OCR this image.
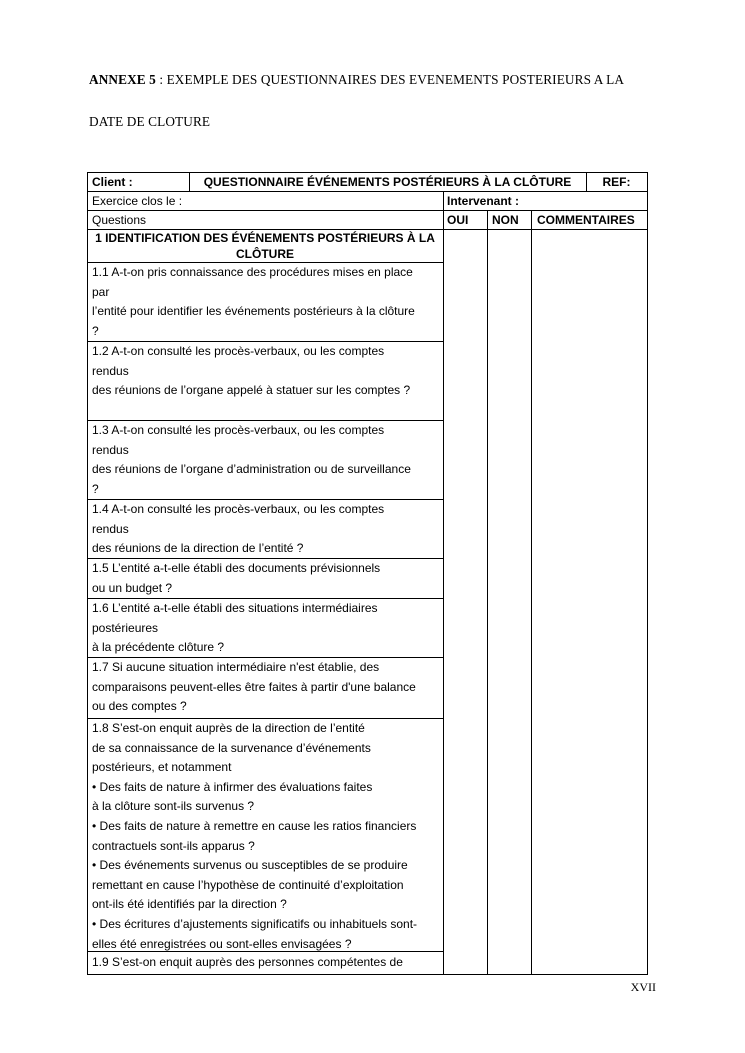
ANNEXE 5 : EXEMPLE DES QUESTIONNAIRES DES EVENEMENTS POSTERIEURS A LA
DATE DE CLOTURE
Client :	QUESTIONNAIRE ÉVÉNEMENTS POSTÉRIEURS À LA CLÔTURE	REF:
Exercice clos le :	Intervenant :
Questions	OUI NON COMMENTAIRES
1 IDENTIFICATION DES ÉVÉNEMENTS POSTÉRIEURS À LA
CLÔTURE
1.1 A-t-on pris connaissance des procédures mises en place
par
l’entité pour identifier les événements postérieurs à la clôture
?
1.2 A-t-on consulté les procès-verbaux, ou les comptes
rendus
des réunions de l’organe appelé à statuer sur les comptes ?
1.3 A-t-on consulté les procès-verbaux, ou les comptes
rendus
des réunions de l’organe d’administration ou de surveillance
?
1.4 A-t-on consulté les procès-verbaux, ou les comptes
rendus
des réunions de la direction de l’entité ?
1.5 L’entité a-t-elle établi des documents prévisionnels
ou un budget ?
1.6 L’entité a-t-elle établi des situations intermédiaires
postérieures
à la précédente clôture ?
1.7 Si aucune situation intermédiaire n'est établie, des
comparaisons peuvent-elles être faites à partir d'une balance
ou des comptes ?
1.8 S’est-on enquit auprès de la direction de l’entité
de sa connaissance de la survenance d’événements
postérieurs, et notamment
• Des faits de nature à infirmer des évaluations faites
à la clôture sont-ils survenus ?
• Des faits de nature à remettre en cause les ratios financiers
contractuels sont-ils apparus ?
• Des événements survenus ou susceptibles de se produire
remettant en cause l’hypothèse de continuité d’exploitation
ont-ils été identifiés par la direction ?
• Des écritures d’ajustements significatifs ou inhabituels sont-
elles été enregistrées ou sont-elles envisagées ?
1.9 S’est-on enquit auprès des personnes compétentes de
XVII
